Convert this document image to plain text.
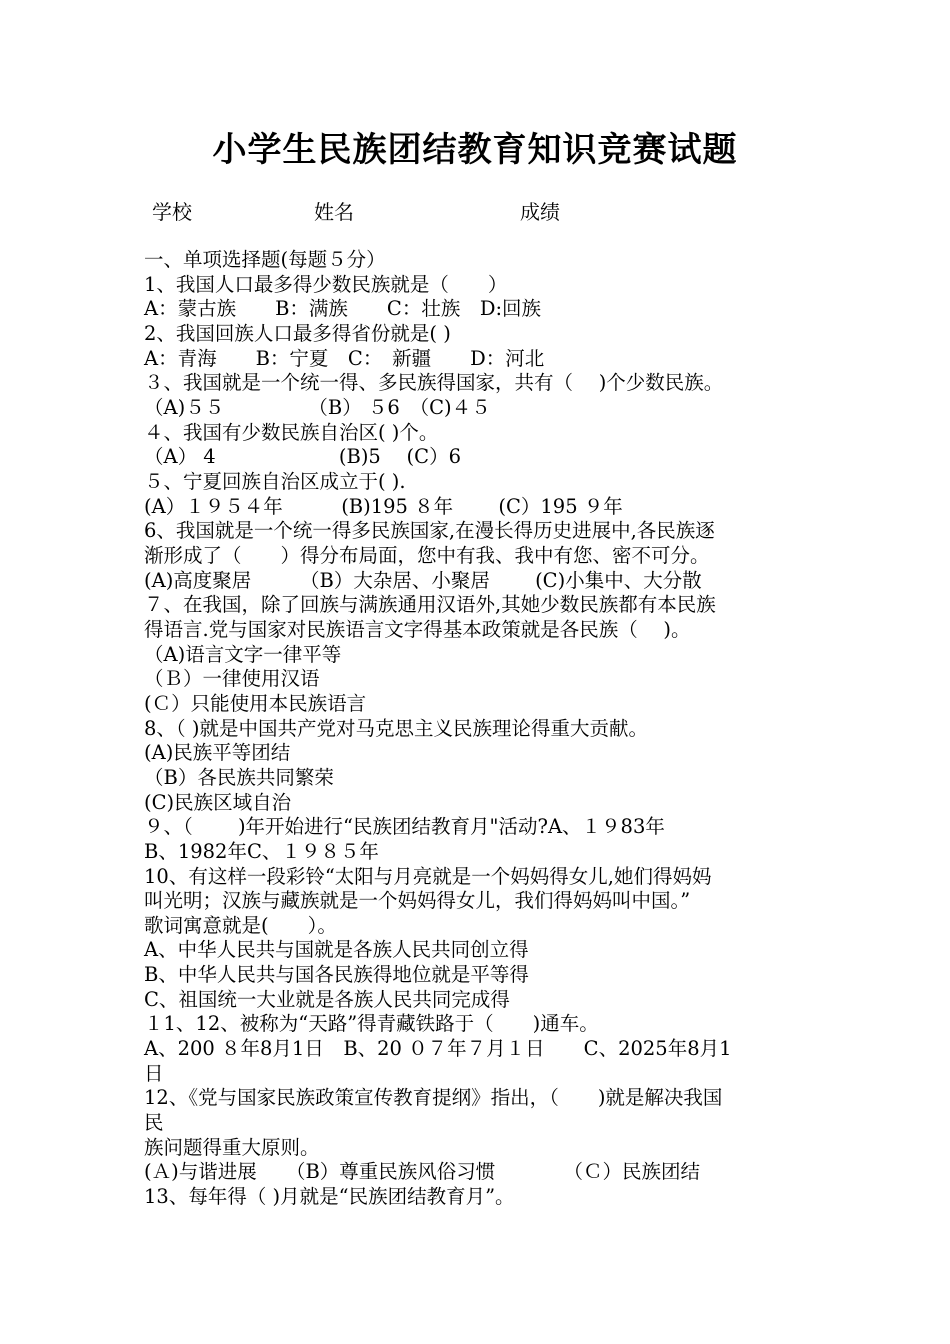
小学生民族团结教育知识竞赛试题
学校	姓名	成绩
一、单项选择题(每题５分）
1、我国人口最多得少数民族就是（　　）
A：蒙古族　　B：满族　　C：壮族　D:回族
2、我国回族人口最多得省份就是( )
A：青海　　B：宁夏　C：　新疆　　D：河北
３、我国就是一个统一得、多民族得国家，共有（　 )个少数民族。
（A)５５　　　　 （B） ５6　（C)４５
４、我国有少数民族自治区( )个。
（A） 4　　　　　　 (B)5　 (C）6
５、宁夏回族自治区成立于( ).
(A）１９５４年　　　(B)195 ８年　　 (C）195 ９年
6、我国就是一个统一得多民族国家,在漫长得历史进展中,各民族逐
渐形成了（　　）得分布局面，您中有我、我中有您、密不可分。
(A)高度聚居　　　（B）大杂居、小聚居　　 (C)小集中、大分散
７、在我国，除了回族与满族通用汉语外,其她少数民族都有本民族
得语言.党与国家对民族语言文字得基本政策就是各民族（　 )。
（A)语言文字一律平等
（Ｂ）一律使用汉语
(Ｃ）只能使用本民族语言
8、（ )就是中国共产党对马克思主义民族理论得重大贡献。
(A)民族平等团结
（B）各民族共同繁荣
(C)民族区域自治
９、（　　 )年开始进行“民族团结教育月"活动?A、１９83年
B、1982年C、１９８５年
10、有这样一段彩铃“太阳与月亮就是一个妈妈得女儿,她们得妈妈
叫光明；汉族与藏族就是一个妈妈得女儿，我们得妈妈叫中国。”
歌词寓意就是(　　）。
A、中华人民共与国就是各族人民共同创立得
B、中华人民共与国各民族得地位就是平等得
C、祖国统一大业就是各族人民共同完成得
１1、12、被称为“天路”得青藏铁路于（　　)通车。
A、200 ８年8月1日　B、20 ０７年７月１日　　C、2025年8月1
日
12、《党与国家民族政策宣传教育提纲》指出，（　　)就是解决我国
民
族问题得重大原则。
(Ａ)与谐进展　　（B）尊重民族风俗习惯　　　　（Ｃ）民族团结
13、每年得（ )月就是“民族团结教育月”。
